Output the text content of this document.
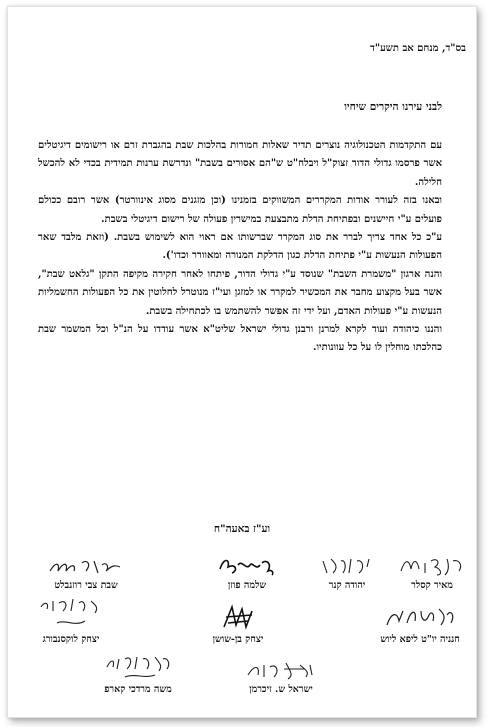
בס"ד, מנחם אב תשע"ד
לבני עירנו היקרים שיחיו

עם התקדמות הטכנולוגיה נוצרים תדיר שאלות חמורות בהלכות שבת בהגברת זרם או רישומים דיגיטלים אשר פרסמו גדולי הדור זצוק"ל ויבלח"ט ש"הם אסורים בשבת" ונדרשת ערנות תמידית בכדי לא להכשל חלילה.

ובאנו בזה לעורר אודות המקררים המשווקים בזמנינו (וכן מזגנים מסוג אינוורטר) אשר רובם ככולם פועלים ע"י חיישנים ובפתיחת הדלת מתבצעת במישרין פעולה של רישום דיגיטלי בשבת.

ע"כ כל אחד צריך לברר את סוג המקרר שברשותו אם ראוי הוא לשימוש בשבת. (וזאת מלבד שאר הפעולות הנעשות ע"י פתיחת הדלת כגון הדלקת המנורה ומאוורר וכדו').

והנה ארגון "משמרת השבת" שנוסד ע"י גדולי הדור, פיתחו לאחר חקירה מקיפה התקן "גלאט שבת", אשר בעל מקצוע מחבר את המכשיר למקרר או למזגן ועי"ז מנוטרל לחלוטין את כל הפעולות החשמליות הנעשות ע"י פעולות האדם, ועל ידי זה אפשר להשתמש בו לכתחילה בשבת.

והננו כיהודה ועוד לקרא למרנן ורבנן גדולי ישראל שליט"א אשר עודדו על הנ"ל וכל המשמר שבת כהלכתו מוחלין לו על כל עוונותיו.

וע"ז באעה"ח
מאיר קסלר
יהודה קנר
שלמה פוזן
שבת צבי רוזנבלט
חנניה יו"ט ליפא ליוש
יצחק בן-שושן
יצחק לוקסנבורג
ישראל ש. זיכרמן
משה מרדכי קארפ
